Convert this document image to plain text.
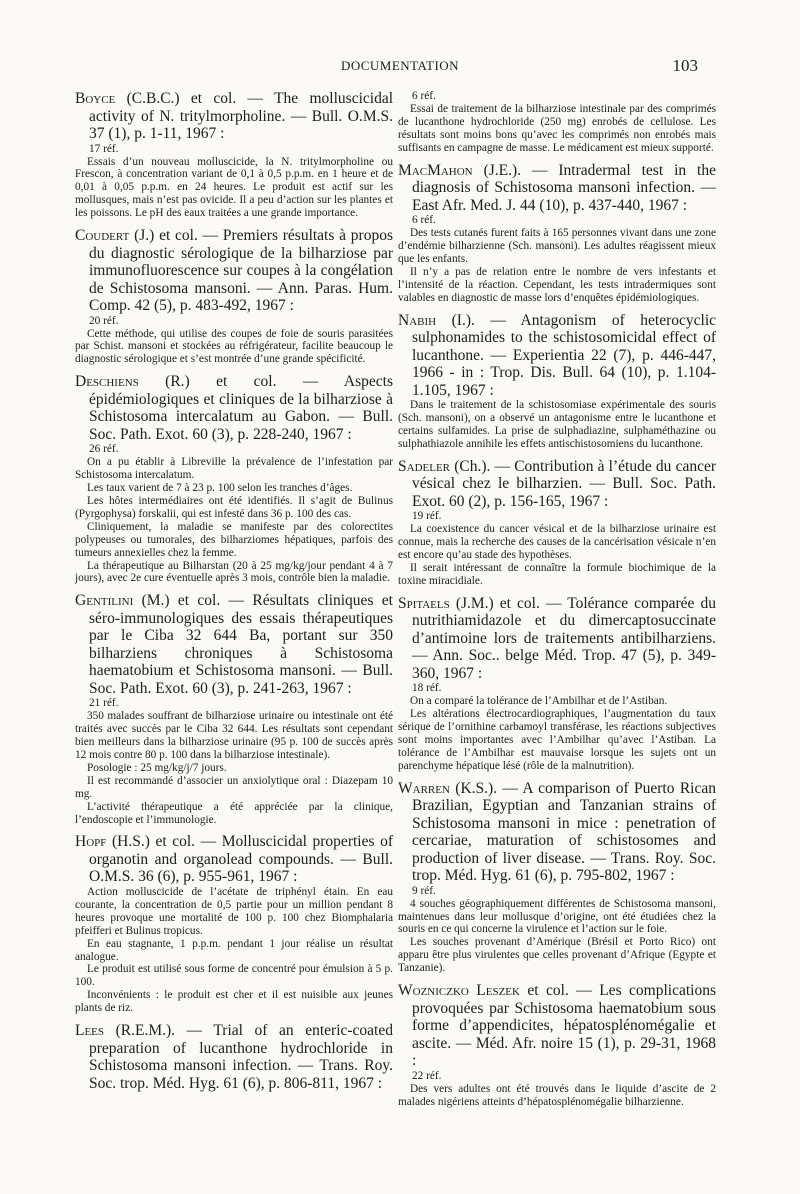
DOCUMENTATION	103
Boyce (C.B.C.) et col. — The molluscicidal activity of N. tritylmorpholine. — Bull. O.M.S. 37 (1), p. 1-11, 1967 :
17 réf.

Essais d’un nouveau molluscicide, la N. tritylmorpholine ou Frescon, à concentration variant de 0,1 à 0,5 p.p.m. en 1 heure et de 0,01 à 0,05 p.p.m. en 24 heures. Le produit est actif sur les mollusques, mais n’est pas ovicide. Il a peu d’action sur les plantes et les poissons. Le pH des eaux traitées a une grande importance.

Coudert (J.) et col. — Premiers résultats à propos du diagnostic sérologique de la bilharziose par immunofluorescence sur coupes à la congélation de Schistosoma mansoni. — Ann. Paras. Hum. Comp. 42 (5), p. 483-492, 1967 :
20 réf.

Cette méthode, qui utilise des coupes de foie de souris parasitées par Schist. mansoni et stockées au réfrigérateur, facilite beaucoup le diagnostic sérologique et s’est montrée d’une grande spécificité.

Deschiens (R.) et col. — Aspects épidémiologiques et cliniques de la bilharziose à Schistosoma intercalatum au Gabon. — Bull. Soc. Path. Exot. 60 (3), p. 228-240, 1967 :
26 réf.

On a pu établir à Libreville la prévalence de l’infestation par Schistosoma intercalatum.

Les taux varient de 7 à 23 p. 100 selon les tranches d’âges.

Les hôtes intermédiaires ont été identifiés. Il s’agit de Bulinus (Pyrgophysa) forskalii, qui est infesté dans 36 p. 100 des cas.

Cliniquement, la maladie se manifeste par des colorectites polypeuses ou tumorales, des bilharziomes hépatiques, parfois des tumeurs annexielles chez la femme.

La thérapeutique au Bilharstan (20 à 25 mg/kg/jour pendant 4 à 7 jours), avec 2e cure éventuelle après 3 mois, contrôle bien la maladie.

Gentilini (M.) et col. — Résultats cliniques et séro-immunologiques des essais thérapeutiques par le Ciba 32 644 Ba, portant sur 350 bilharziens chroniques à Schistosoma haematobium et Schistosoma mansoni. — Bull. Soc. Path. Exot. 60 (3), p. 241-263, 1967 :
21 réf.

350 malades souffrant de bilharziose urinaire ou intestinale ont été traités avec succès par le Ciba 32 644. Les résultats sont cependant bien meilleurs dans la bilharziose urinaire (95 p. 100 de succès après 12 mois contre 80 p. 100 dans la bilharziose intestinale).

Posologie : 25 mg/kg/j/7 jours.

Il est recommandé d’associer un anxiolytique oral : Diazepam 10 mg.

L’activité thérapeutique a été appréciée par la clinique, l’endoscopie et l’immunologie.

Hopf (H.S.) et col. — Molluscicidal properties of organotin and organolead compounds. — Bull. O.M.S. 36 (6), p. 955-961, 1967 :

Action molluscicide de l’acétate de triphényl étain. En eau courante, la concentration de 0,5 partie pour un million pendant 8 heures provoque une mortalité de 100 p. 100 chez Biomphalaria pfeifferi et Bulinus tropicus.

En eau stagnante, 1 p.p.m. pendant 1 jour réalise un résultat analogue.

Le produit est utilisé sous forme de concentré pour émulsion à 5 p. 100.

Inconvénients : le produit est cher et il est nuisible aux jeunes plants de riz.

Lees (R.E.M.). — Trial of an enteric-coated preparation of lucanthone hydrochloride in Schistosoma mansoni infection. — Trans. Roy. Soc. trop. Méd. Hyg. 61 (6), p. 806-811, 1967 :
6 réf.

Essai de traitement de la bilharziose intestinale par des comprimés de lucanthone hydrochloride (250 mg) enrobés de cellulose. Les résultats sont moins bons qu’avec les comprimés non enrobés mais suffisants en campagne de masse. Le médicament est mieux supporté.

MacMahon (J.E.). — Intradermal test in the diagnosis of Schistosoma mansoni infection. — East Afr. Med. J. 44 (10), p. 437-440, 1967 :
6 réf.

Des tests cutanés furent faits à 165 personnes vivant dans une zone d’endémie bilharzienne (Sch. mansoni). Les adultes réagissent mieux que les enfants.

Il n’y a pas de relation entre le nombre de vers infestants et l’intensité de la réaction. Cependant, les tests intradermiques sont valables en diagnostic de masse lors d’enquêtes épidémiologiques.

Nabih (I.). — Antagonism of heterocyclic sulphonamides to the schistosomicidal effect of lucanthone. — Experientia 22 (7), p. 446-447, 1966 - in : Trop. Dis. Bull. 64 (10), p. 1.104-1.105, 1967 :

Dans le traitement de la schistosomiase expérimentale des souris (Sch. mansoni), on a observé un antagonisme entre le lucanthone et certains sulfamides. La prise de sulphadiazine, sulphaméthazine ou sulphathiazole annihile les effets antischistosomiens du lucanthone.

Sadeler (Ch.). — Contribution à l’étude du cancer vésical chez le bilharzien. — Bull. Soc. Path. Exot. 60 (2), p. 156-165, 1967 :
19 réf.

La coexistence du cancer vésical et de la bilharziose urinaire est connue, mais la recherche des causes de la cancérisation vésicale n’en est encore qu’au stade des hypothèses.

Il serait intéressant de connaître la formule biochimique de la toxine miracidiale.

Spitaels (J.M.) et col. — Tolérance comparée du nutrithiamidazole et du dimercaptosuccinate d’antimoine lors de traitements antibilharziens. — Ann. Soc.. belge Méd. Trop. 47 (5), p. 349-360, 1967 :
18 réf.

On a comparé la tolérance de l’Ambilhar et de l’Astiban.

Les altérations électrocardiographiques, l’augmentation du taux sérique de l’ornithine carbamoyl transférase, les réactions subjectives sont moins importantes avec l’Ambilhar qu’avec l’Astiban. La tolérance de l’Ambilhar est mauvaise lorsque les sujets ont un parenchyme hépatique lésé (rôle de la malnutrition).

Warren (K.S.). — A comparison of Puerto Rican Brazilian, Egyptian and Tanzanian strains of Schistosoma mansoni in mice : penetration of cercariae, maturation of schistosomes and production of liver disease. — Trans. Roy. Soc. trop. Méd. Hyg. 61 (6), p. 795-802, 1967 :
9 réf.

4 souches géographiquement différentes de Schistosoma mansoni, maintenues dans leur mollusque d’origine, ont été étudiées chez la souris en ce qui concerne la virulence et l’action sur le foie.

Les souches provenant d’Amérique (Brésil et Porto Rico) ont apparu être plus virulentes que celles provenant d’Afrique (Egypte et Tanzanie).

Wozniczko Leszek et col. — Les complications provoquées par Schistosoma haematobium sous forme d’appendicites, hépatosplénomégalie et ascite. — Méd. Afr. noire 15 (1), p. 29-31, 1968 :
22 réf.

Des vers adultes ont été trouvés dans le liquide d’ascite de 2 malades nigériens atteints d’hépatosplénomégalie bilharzienne.
